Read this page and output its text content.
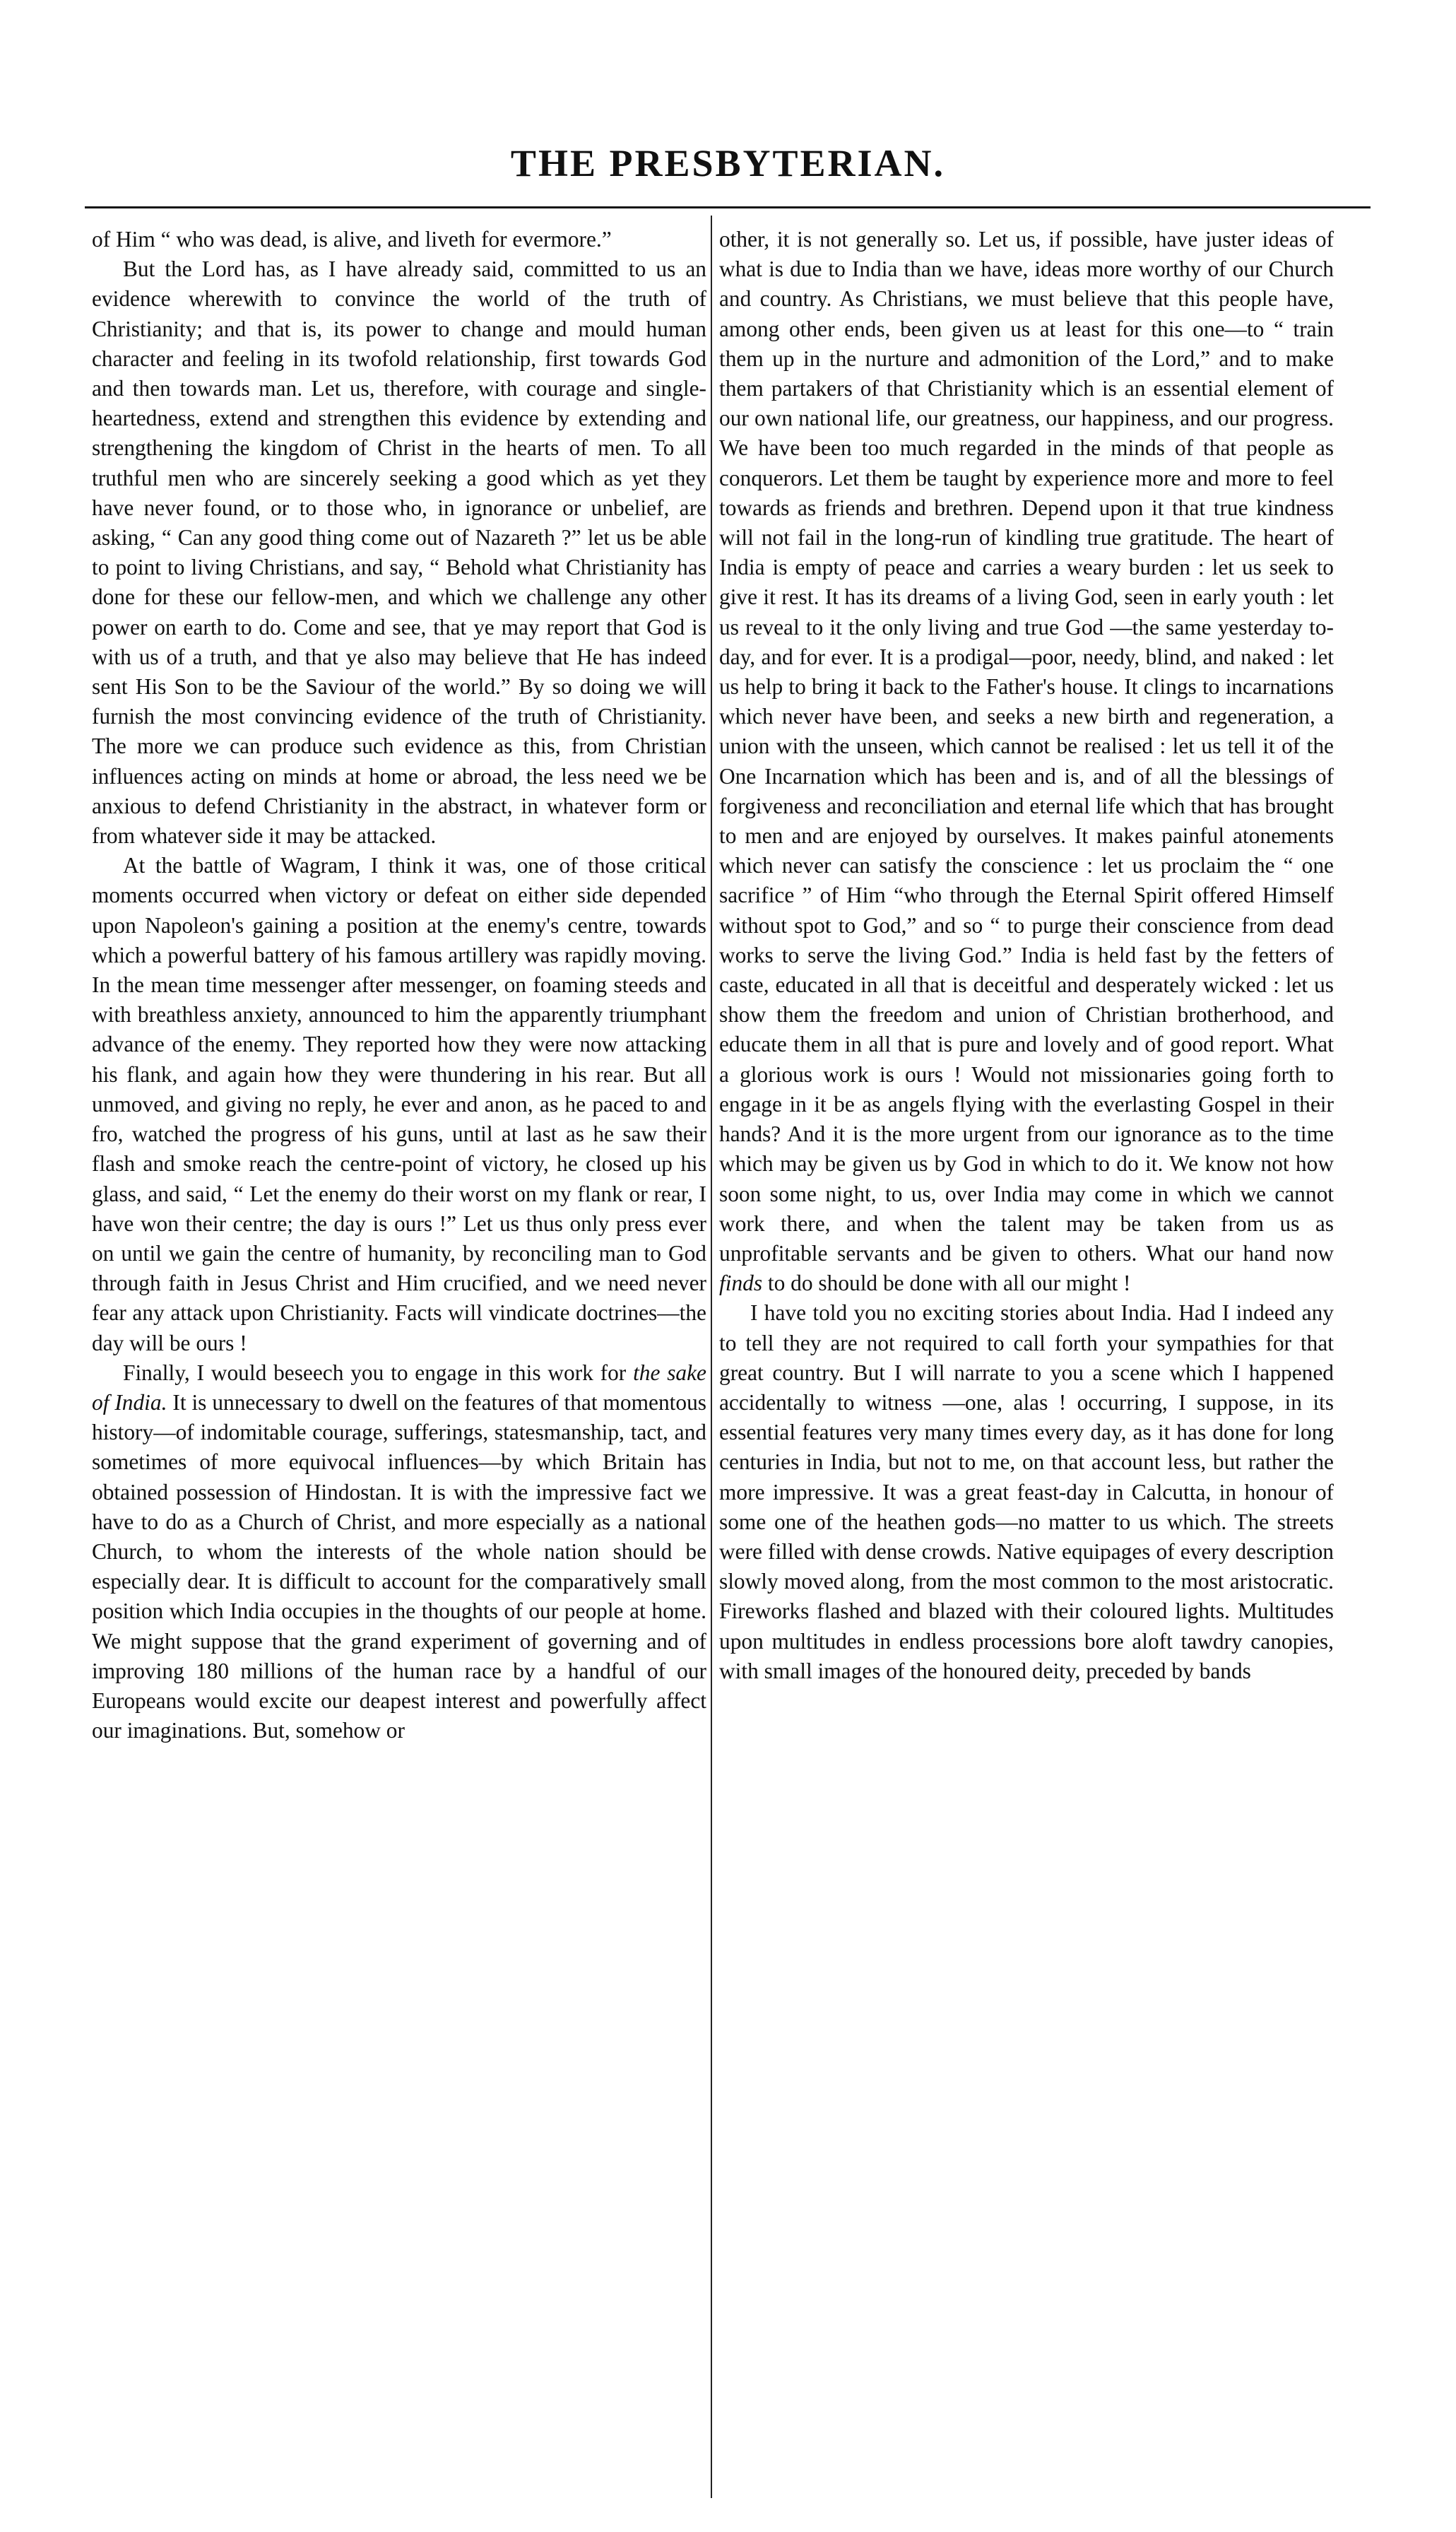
THE PRESBYTERIAN.

of Him “ who was dead, is alive, and liveth for evermore.”

But the Lord has, as I have already said, committed to us an evidence wherewith to convince the world of the truth of Christianity; and that is, its power to change and mould human character and feeling in its twofold relationship, first towards God and then towards man. Let us, therefore, with courage and single-heartedness, extend and strengthen this evidence by extending and strengthening the kingdom of Christ in the hearts of men. To all truthful men who are sincerely seeking a good which as yet they have never found, or to those who, in ignorance or unbelief, are asking, “ Can any good thing come out of Nazareth ?” let us be able to point to living Christians, and say, “ Behold what Christianity has done for these our fellow-men, and which we challenge any other power on earth to do. Come and see, that ye may report that God is with us of a truth, and that ye also may believe that He has indeed sent His Son to be the Saviour of the world.” By so doing we will furnish the most convincing evidence of the truth of Christianity. The more we can produce such evidence as this, from Christian influences acting on minds at home or abroad, the less need we be anxious to defend Christianity in the abstract, in whatever form or from whatever side it may be attacked.

At the battle of Wagram, I think it was, one of those critical moments occurred when victory or defeat on either side depended upon Napoleon's gaining a position at the enemy's centre, towards which a powerful battery of his famous artillery was rapidly moving. In the mean time messenger after messenger, on foaming steeds and with breathless anxiety, announced to him the apparently triumphant advance of the enemy. They reported how they were now attacking his flank, and again how they were thundering in his rear. But all unmoved, and giving no reply, he ever and anon, as he paced to and fro, watched the progress of his guns, until at last as he saw their flash and smoke reach the centre-point of victory, he closed up his glass, and said, “ Let the enemy do their worst on my flank or rear, I have won their centre; the day is ours !” Let us thus only press ever on until we gain the centre of humanity, by reconciling man to God through faith in Jesus Christ and Him crucified, and we need never fear any attack upon Christianity. Facts will vindicate doctrines—the day will be ours !

Finally, I would beseech you to engage in this work for the sake of India. It is unnecessary to dwell on the features of that momentous history—of indomitable courage, sufferings, statesmanship, tact, and sometimes of more equivocal influences—by which Britain has obtained possession of Hindostan. It is with the impressive fact we have to do as a Church of Christ, and more especially as a national Church, to whom the interests of the whole nation should be especially dear. It is difficult to account for the comparatively small position which India occupies in the thoughts of our people at home. We might suppose that the grand experiment of governing and of improving 180 millions of the human race by a handful of our Europeans would excite our deapest interest and powerfully affect our imaginations. But, somehow or

other, it is not generally so. Let us, if possible, have juster ideas of what is due to India than we have, ideas more worthy of our Church and country. As Christians, we must believe that this people have, among other ends, been given us at least for this one—to “ train them up in the nurture and admonition of the Lord,” and to make them partakers of that Christianity which is an essential element of our own national life, our greatness, our happiness, and our progress. We have been too much regarded in the minds of that people as conquerors. Let them be taught by experience more and more to feel towards as friends and brethren. Depend upon it that true kindness will not fail in the long-run of kindling true gratitude. The heart of India is empty of peace and carries a weary burden : let us seek to give it rest. It has its dreams of a living God, seen in early youth : let us reveal to it the only living and true God —the same yesterday to-day, and for ever. It is a prodigal—poor, needy, blind, and naked : let us help to bring it back to the Father's house. It clings to incarnations which never have been, and seeks a new birth and regeneration, a union with the unseen, which cannot be realised : let us tell it of the One Incarnation which has been and is, and of all the blessings of forgiveness and reconciliation and eternal life which that has brought to men and are enjoyed by ourselves. It makes painful atonements which never can satisfy the conscience : let us proclaim the “ one sacrifice ” of Him “who through the Eternal Spirit offered Himself without spot to God,” and so “ to purge their conscience from dead works to serve the living God.” India is held fast by the fetters of caste, educated in all that is deceitful and desperately wicked : let us show them the freedom and union of Christian brotherhood, and educate them in all that is pure and lovely and of good report. What a glorious work is ours ! Would not missionaries going forth to engage in it be as angels flying with the everlasting Gospel in their hands? And it is the more urgent from our ignorance as to the time which may be given us by God in which to do it. We know not how soon some night, to us, over India may come in which we cannot work there, and when the talent may be taken from us as unprofitable servants and be given to others. What our hand now finds to do should be done with all our might !

I have told you no exciting stories about India. Had I indeed any to tell they are not required to call forth your sympathies for that great country. But I will narrate to you a scene which I happened accidentally to witness —one, alas ! occurring, I suppose, in its essential features very many times every day, as it has done for long centuries in India, but not to me, on that account less, but rather the more impressive. It was a great feast-day in Calcutta, in honour of some one of the heathen gods—no matter to us which. The streets were filled with dense crowds. Native equipages of every description slowly moved along, from the most common to the most aristocratic. Fireworks flashed and blazed with their coloured lights. Multitudes upon multitudes in endless processions bore aloft tawdry canopies, with small images of the honoured deity, preceded by bands
